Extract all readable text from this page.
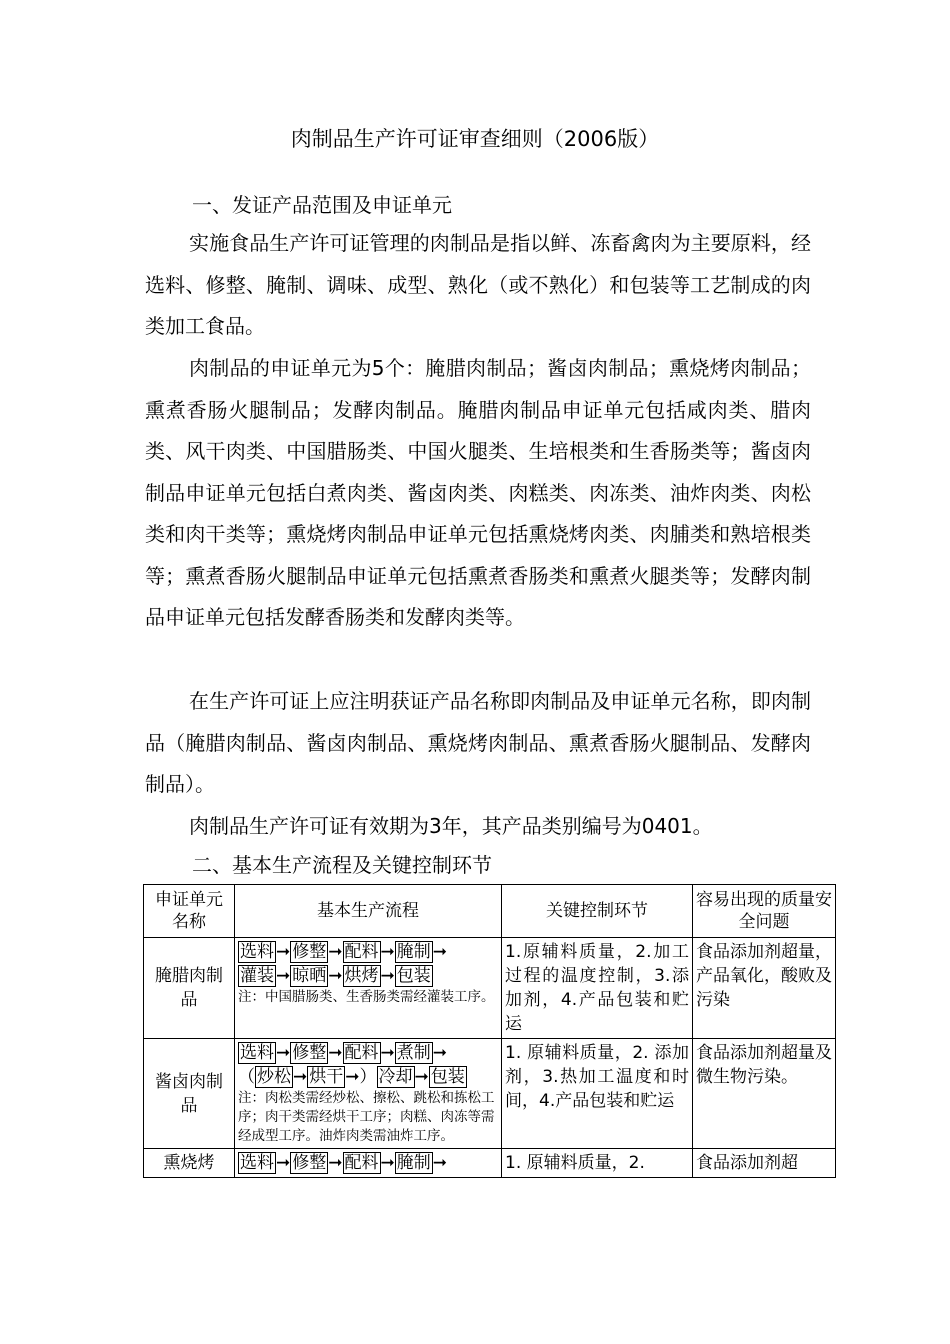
肉制品生产许可证审查细则（2006版）
一、发证产品范围及申证单元

实施食品生产许可证管理的肉制品是指以鲜、冻畜禽肉为主要原料，经选料、修整、腌制、调味、成型、熟化（或不熟化）和包装等工艺制成的肉类加工食品。

肉制品的申证单元为5个：腌腊肉制品；酱卤肉制品；熏烧烤肉制品；熏煮香肠火腿制品；发酵肉制品。腌腊肉制品申证单元包括咸肉类、腊肉类、风干肉类、中国腊肠类、中国火腿类、生培根类和生香肠类等；酱卤肉制品申证单元包括白煮肉类、酱卤肉类、肉糕类、肉冻类、油炸肉类、肉松类和肉干类等；熏烧烤肉制品申证单元包括熏烧烤肉类、肉脯类和熟培根类等；熏煮香肠火腿制品申证单元包括熏煮香肠类和熏煮火腿类等；发酵肉制品申证单元包括发酵香肠类和发酵肉类等。

在生产许可证上应注明获证产品名称即肉制品及申证单元名称，即肉制品（腌腊肉制品、酱卤肉制品、熏烧烤肉制品、熏煮香肠火腿制品、发酵肉制品）。

肉制品生产许可证有效期为3年，其产品类别编号为0401。

二、基本生产流程及关键控制环节
申证单元名称	基本生产流程	关键控制环节	容易出现的质量安全问题
腌腊肉制品	选料 ➞ 修整 ➞ 配料 ➞ 腌制 ➞
灌装 ➞ 晾晒 ➞ 烘烤 ➞ 包装
注：中国腊肠类、生香肠类需经灌装工序。	1.原辅料质量，2.加工过程的温度控制，3.添加剂，4.产品包装和贮运	食品添加剂超量，产品氧化，酸败及污染
酱卤肉制品	选料 ➞ 修整 ➞ 配料 ➞ 煮制 ➞
（ 炒松 ➞ 烘干 ➞） 冷却 ➞ 包装
注：肉松类需经炒松、擦松、跳松和拣松工序；肉干类需经烘干工序；肉糕、肉冻等需经成型工序。油炸肉类需油炸工序。	1. 原辅料质量，2. 添加剂，3.热加工温度和时间，4.产品包装和贮运	食品添加剂超量及微生物污染。
熏烧烤	选料 ➞ 修整 ➞ 配料 ➞ 腌制 ➞	1. 原辅料质量，2.	食品添加剂超
